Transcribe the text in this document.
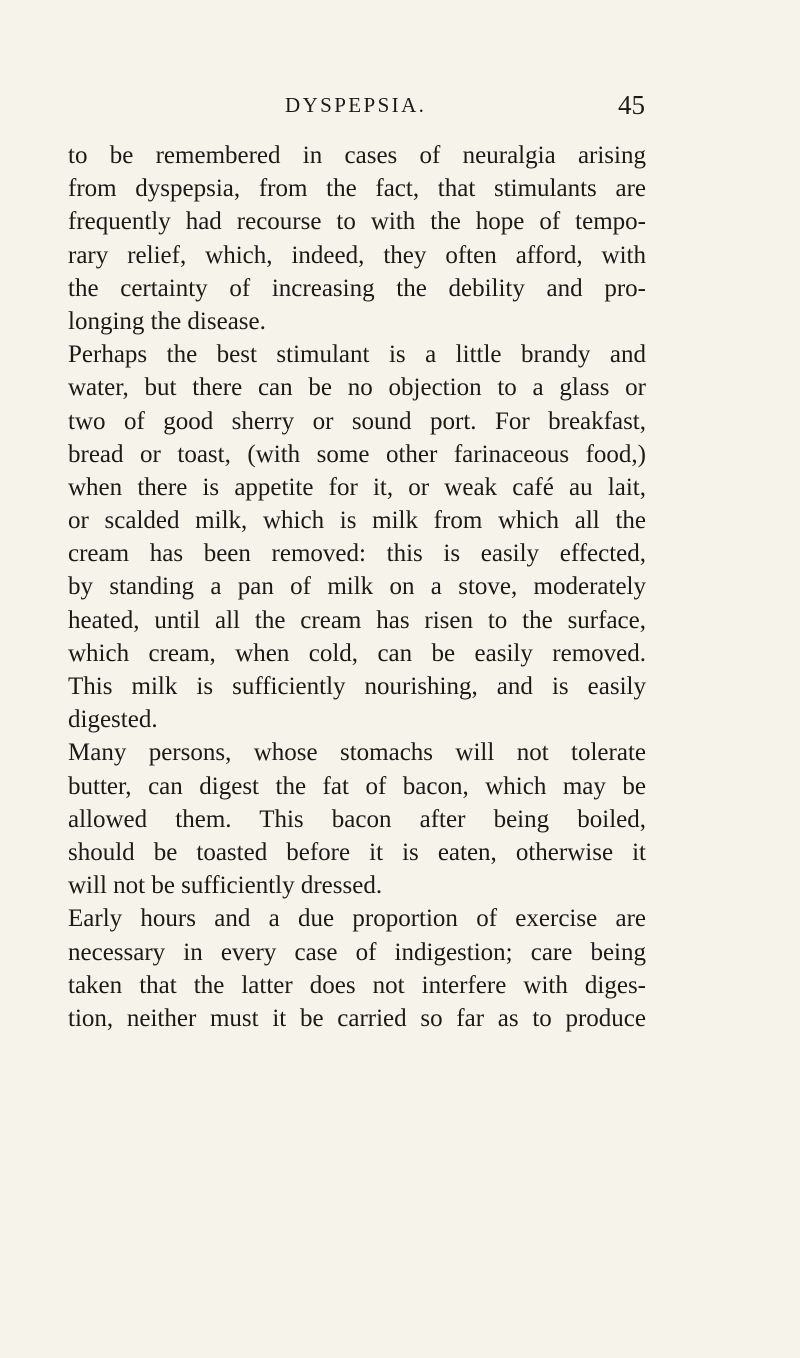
DYSPEPSIA.	45
to be remembered in cases of neuralgia arising
from dyspepsia, from the fact, that stimulants are
frequently had recourse to with the hope of tempo-
rary relief, which, indeed, they often afford, with
the certainty of increasing the debility and pro-
longing the disease.
Perhaps the best stimulant is a little brandy and
water, but there can be no objection to a glass or
two of good sherry or sound port. For breakfast,
bread or toast, (with some other farinaceous food,)
when there is appetite for it, or weak café au lait,
or scalded milk, which is milk from which all the
cream has been removed: this is easily effected,
by standing a pan of milk on a stove, moderately
heated, until all the cream has risen to the surface,
which cream, when cold, can be easily removed.
This milk is sufficiently nourishing, and is easily
digested.
Many persons, whose stomachs will not tolerate
butter, can digest the fat of bacon, which may be
allowed them. This bacon after being boiled,
should be toasted before it is eaten, otherwise it
will not be sufficiently dressed.
Early hours and a due proportion of exercise are
necessary in every case of indigestion; care being
taken that the latter does not interfere with diges-
tion, neither must it be carried so far as to produce
